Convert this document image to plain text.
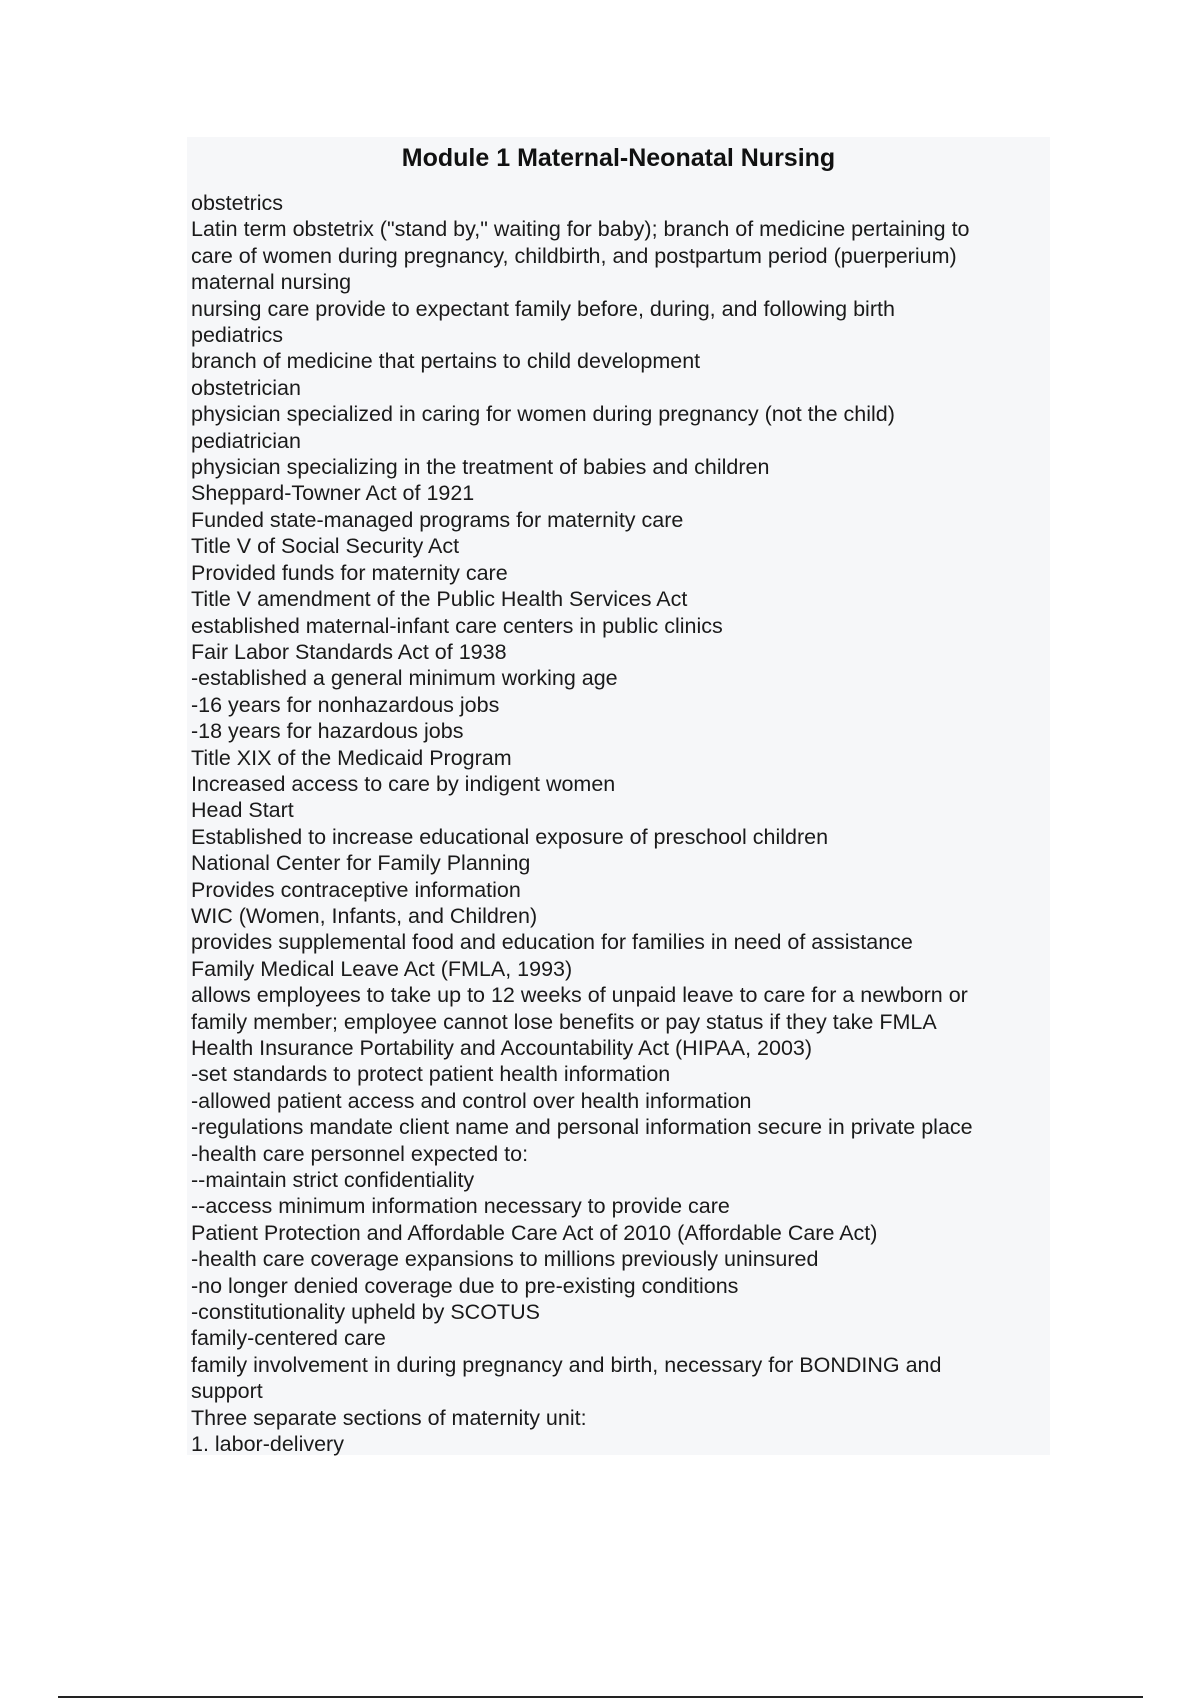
Module 1 Maternal-Neonatal Nursing
obstetrics
Latin term obstetrix ("stand by," waiting for baby); branch of medicine pertaining to
care of women during pregnancy, childbirth, and postpartum period (puerperium)
maternal nursing
nursing care provide to expectant family before, during, and following birth
pediatrics
branch of medicine that pertains to child development
obstetrician
physician specialized in caring for women during pregnancy (not the child)
pediatrician
physician specializing in the treatment of babies and children
Sheppard-Towner Act of 1921
Funded state-managed programs for maternity care
Title V of Social Security Act
Provided funds for maternity care
Title V amendment of the Public Health Services Act
established maternal-infant care centers in public clinics
Fair Labor Standards Act of 1938
-established a general minimum working age
-16 years for nonhazardous jobs
-18 years for hazardous jobs
Title XIX of the Medicaid Program
Increased access to care by indigent women
Head Start
Established to increase educational exposure of preschool children
National Center for Family Planning
Provides contraceptive information
WIC (Women, Infants, and Children)
provides supplemental food and education for families in need of assistance
Family Medical Leave Act (FMLA, 1993)
allows employees to take up to 12 weeks of unpaid leave to care for a newborn or
family member; employee cannot lose benefits or pay status if they take FMLA
Health Insurance Portability and Accountability Act (HIPAA, 2003)
-set standards to protect patient health information
-allowed patient access and control over health information
-regulations mandate client name and personal information secure in private place
-health care personnel expected to:
--maintain strict confidentiality
--access minimum information necessary to provide care
Patient Protection and Affordable Care Act of 2010 (Affordable Care Act)
-health care coverage expansions to millions previously uninsured
-no longer denied coverage due to pre-existing conditions
-constitutionality upheld by SCOTUS
family-centered care
family involvement in during pregnancy and birth, necessary for BONDING and
support
Three separate sections of maternity unit:
1. labor-delivery
